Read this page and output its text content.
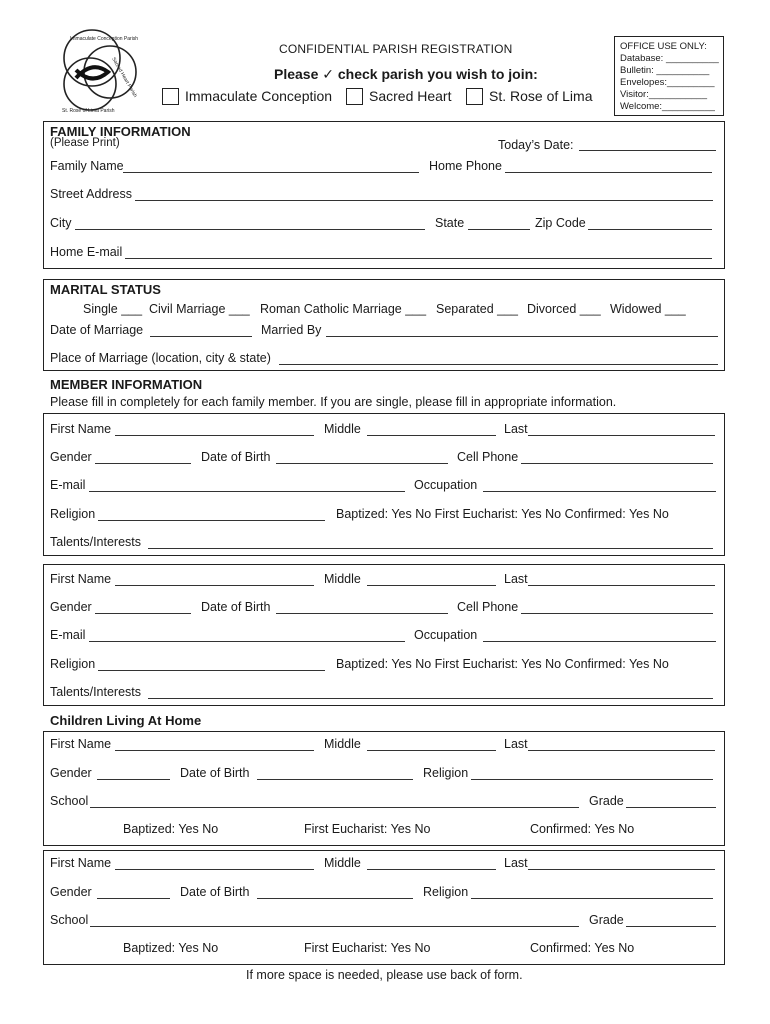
Immaculate Conception Parish
Sacred Heart Parish
St. Rose of Lima Parish
CONFIDENTIAL PARISH REGISTRATION
Please ✓ check parish you wish to join:
Immaculate Conception	Sacred Heart	St. Rose of Lima
OFFICE USE ONLY:
Database: __________
Bulletin: __________
Envelopes:_________
Visitor:___________
Welcome:__________
FAMILY INFORMATION
(Please Print)	Today’s Date:
Family Name	Home Phone
Street Address
City	State	Zip Code
Home E-mail
MARITAL STATUS
Single ___ Civil Marriage ___ Roman Catholic Marriage ___ Separated ___ Divorced ___ Widowed ___
Date of Marriage	Married By
Place of Marriage (location, city & state)
MEMBER INFORMATION
Please fill in completely for each family member. If you are single, please fill in appropriate information.
First Name	Middle	Last
Gender	Date of Birth	Cell Phone
E-mail	Occupation
Religion	Baptized: Yes No First Eucharist: Yes No Confirmed: Yes No
Talents/Interests
First Name	Middle	Last
Gender	Date of Birth	Cell Phone
E-mail	Occupation
Religion	Baptized: Yes No First Eucharist: Yes No Confirmed: Yes No
Talents/Interests
Children Living At Home
First Name	Middle	Last
Gender	Date of Birth	Religion
School	Grade
Baptized: Yes No	First Eucharist: Yes No	Confirmed: Yes No
First Name	Middle	Last
Gender	Date of Birth	Religion
School	Grade
Baptized: Yes No	First Eucharist: Yes No	Confirmed: Yes No
If more space is needed, please use back of form.
